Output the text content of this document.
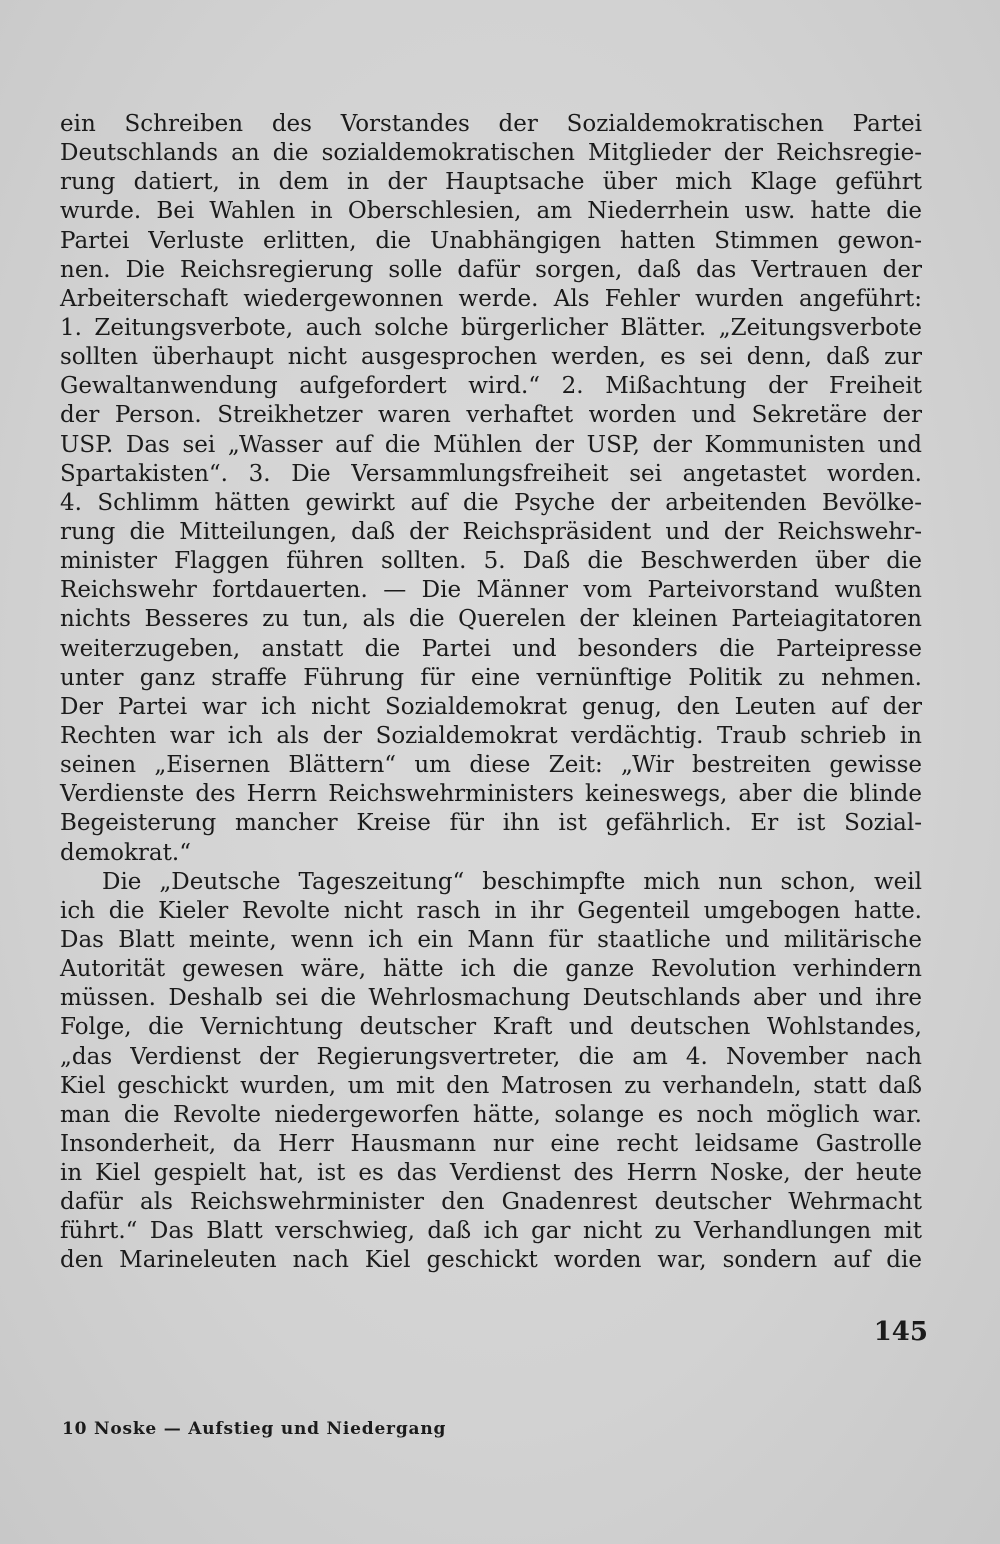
ein Schreiben des Vorstandes der Sozialdemokratischen Partei
Deutschlands an die sozialdemokratischen Mitglieder der Reichsregie-
rung datiert, in dem in der Hauptsache über mich Klage geführt
wurde. Bei Wahlen in Oberschlesien, am Niederrhein usw. hatte die
Partei Verluste erlitten, die Unabhängigen hatten Stimmen gewon-
nen. Die Reichsregierung solle dafür sorgen, daß das Vertrauen der
Arbeiterschaft wiedergewonnen werde. Als Fehler wurden angeführt:
1. Zeitungsverbote, auch solche bürgerlicher Blätter. „Zeitungsverbote
sollten überhaupt nicht ausgesprochen werden, es sei denn, daß zur
Gewaltanwendung aufgefordert wird.“ 2. Mißachtung der Freiheit
der Person. Streikhetzer waren verhaftet worden und Sekretäre der
USP. Das sei „Wasser auf die Mühlen der USP, der Kommunisten und
Spartakisten“. 3. Die Versammlungsfreiheit sei angetastet worden.
4. Schlimm hätten gewirkt auf die Psyche der arbeitenden Bevölke-
rung die Mitteilungen, daß der Reichspräsident und der Reichswehr-
minister Flaggen führen sollten. 5. Daß die Beschwerden über die
Reichswehr fortdauerten. — Die Männer vom Parteivorstand wußten
nichts Besseres zu tun, als die Querelen der kleinen Parteiagitatoren
weiterzugeben, anstatt die Partei und besonders die Parteipresse
unter ganz straffe Führung für eine vernünftige Politik zu nehmen.
Der Partei war ich nicht Sozialdemokrat genug, den Leuten auf der
Rechten war ich als der Sozialdemokrat verdächtig. Traub schrieb in
seinen „Eisernen Blättern“ um diese Zeit: „Wir bestreiten gewisse
Verdienste des Herrn Reichswehrministers keineswegs, aber die blinde
Begeisterung mancher Kreise für ihn ist gefährlich. Er ist Sozial-
demokrat.“
Die „Deutsche Tageszeitung“ beschimpfte mich nun schon, weil
ich die Kieler Revolte nicht rasch in ihr Gegenteil umgebogen hatte.
Das Blatt meinte, wenn ich ein Mann für staatliche und militärische
Autorität gewesen wäre, hätte ich die ganze Revolution verhindern
müssen. Deshalb sei die Wehrlosmachung Deutschlands aber und ihre
Folge, die Vernichtung deutscher Kraft und deutschen Wohlstandes,
„das Verdienst der Regierungsvertreter, die am 4. November nach
Kiel geschickt wurden, um mit den Matrosen zu verhandeln, statt daß
man die Revolte niedergeworfen hätte, solange es noch möglich war.
Insonderheit, da Herr Hausmann nur eine recht leidsame Gastrolle
in Kiel gespielt hat, ist es das Verdienst des Herrn Noske, der heute
dafür als Reichswehrminister den Gnadenrest deutscher Wehrmacht
führt.“ Das Blatt verschwieg, daß ich gar nicht zu Verhandlungen mit
den Marineleuten nach Kiel geschickt worden war, sondern auf die
145
10 Noske — Aufstieg und Niedergang
